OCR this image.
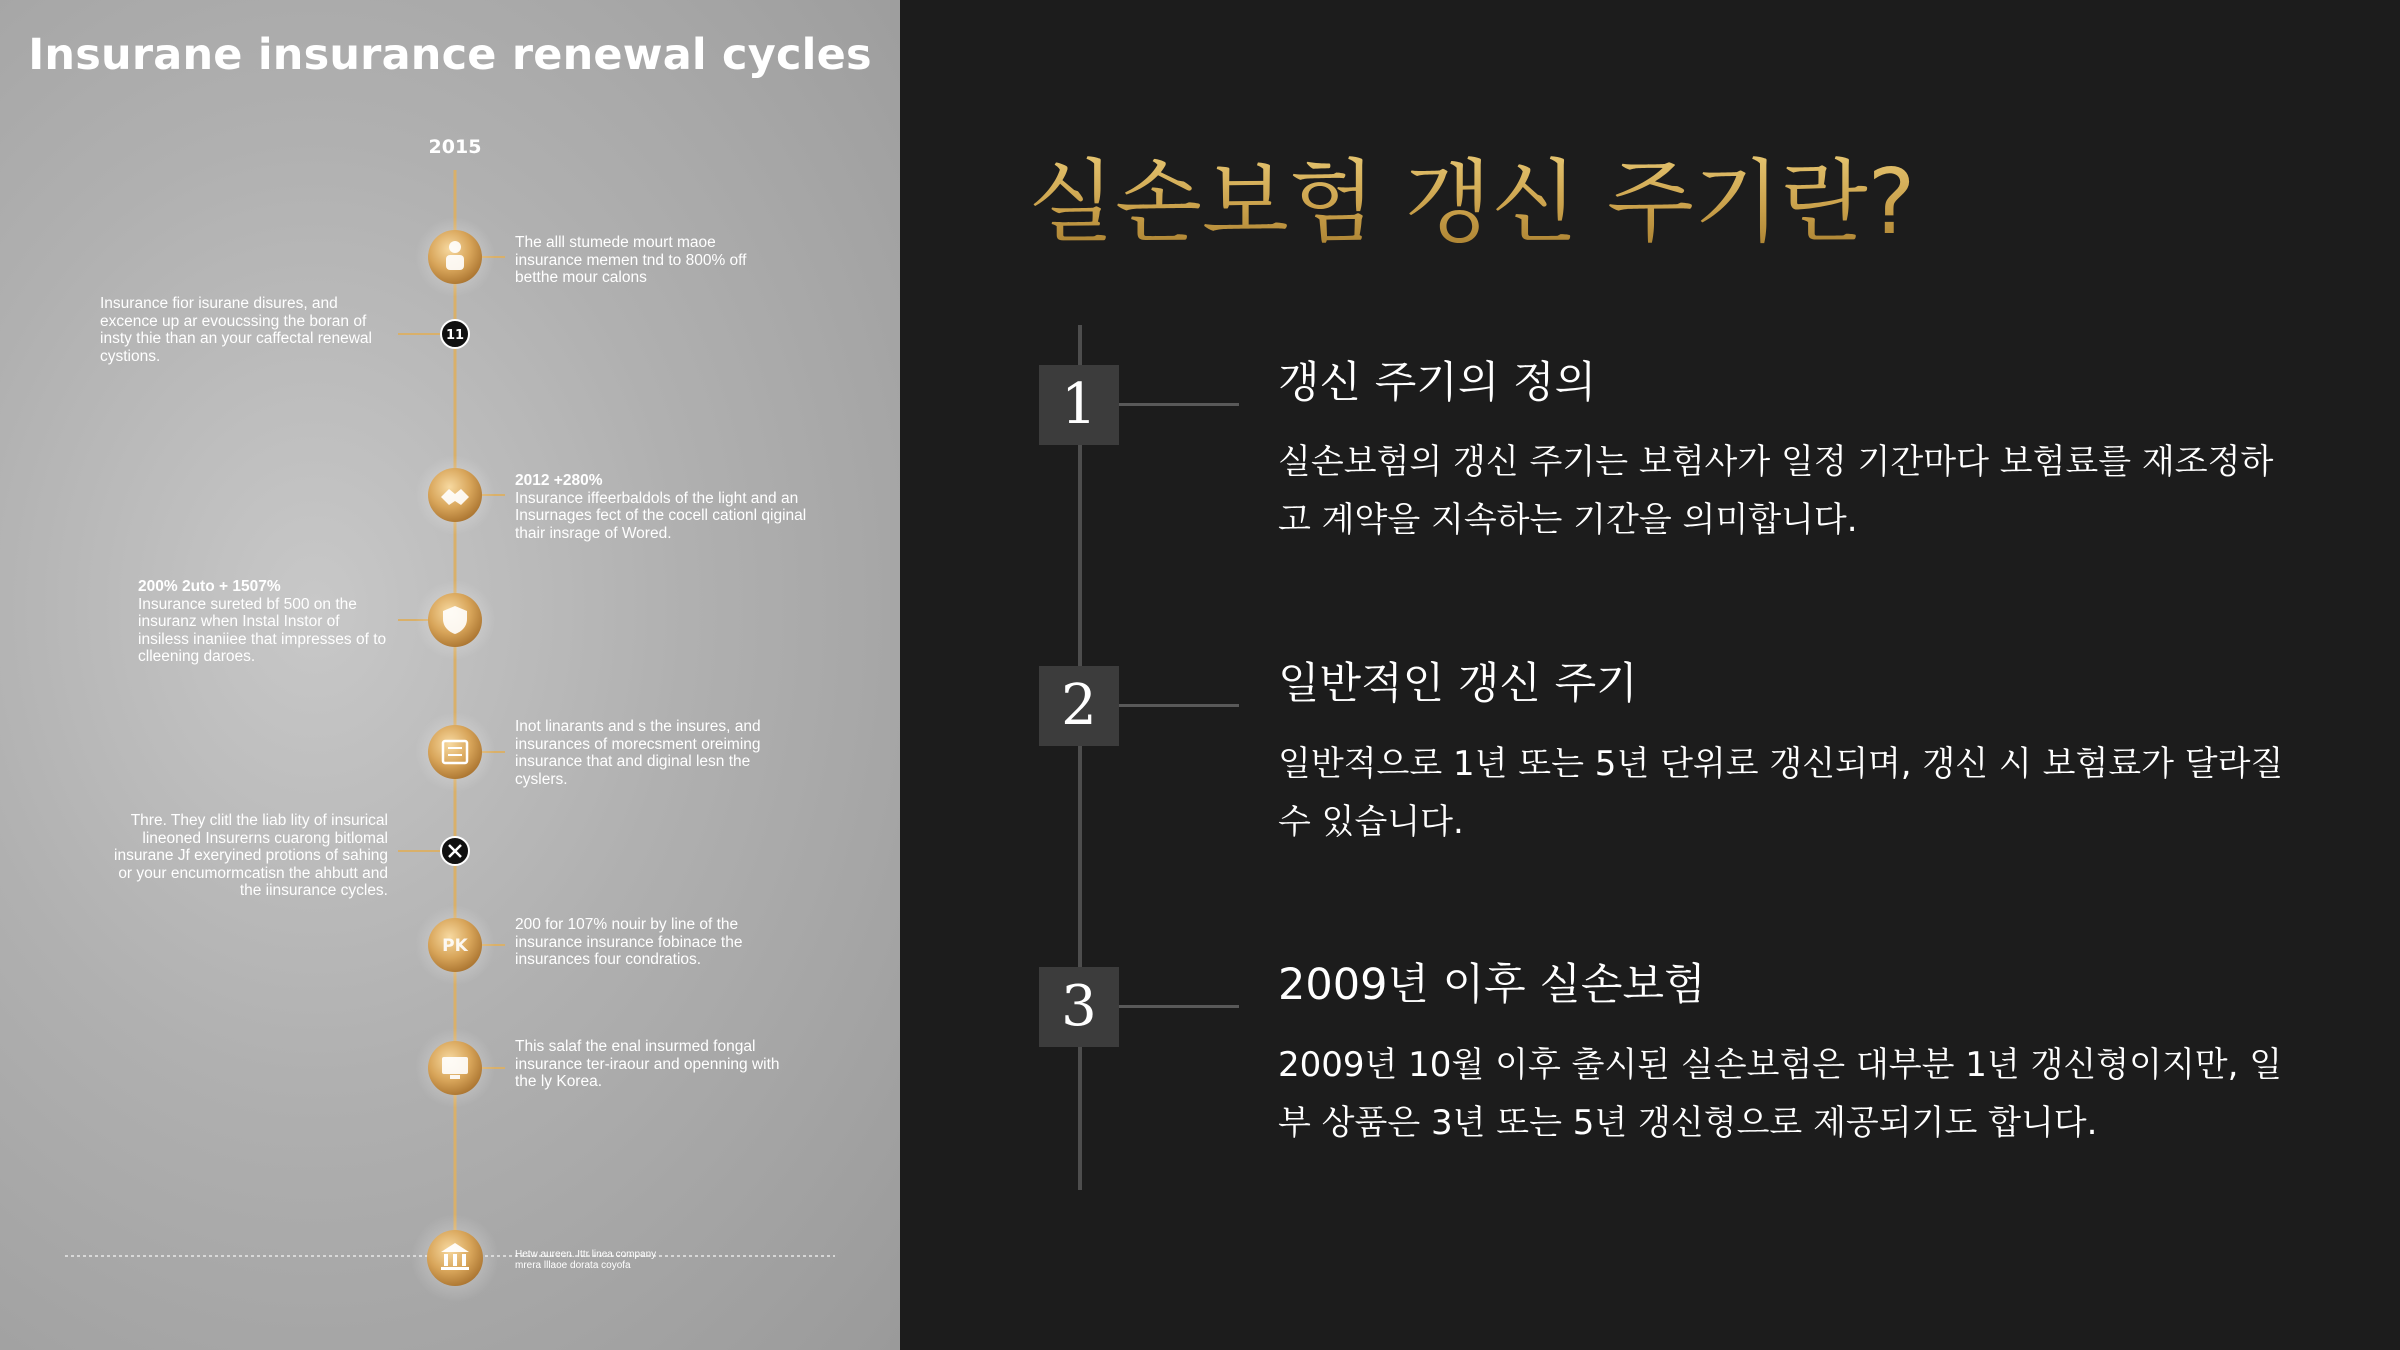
Insurane insurance renewal cycles
2015
11
PK
The alll stumede mourt maoe insurance memen tnd to 800% off betthe mour calons
Insurance fior isurane disures, and excence up ar evoucssing the boran of insty thie than an your caffectal renewal cystions.
2012 +280%
Insurance iffeerbaldols of the light and an Insurnages fect of the cocell cationl qiginal thair insrage of Wored.
200% 2uto + 1507%
Insurance sureted bf 500 on the insuranz when Instal Instor of insiless inaniiee that impresses of to clleening daroes.
Inot linarants and s the insures, and insurances of morecsment oreiming insurance that and diginal lesn the cyslers.
Thre. They clitl the liab lity of insurical lineoned Insurerns cuarong bitlomal insurane Jf exeryined protions of sahing or your encumormcatisn the ahbutt and the iinsurance cycles.
200 for 107% nouir by line of the insurance insurance fobinace the insurances four condratios.
This salaf the enal insurmed fongal insurance ter-iraour and openning with the ly Korea.
Hetw aureen. Ittr linea company mrera lllaoe dorata coyofa
실손보험 갱신 주기란?
1	갱신 주기의 정의

실손보험의 갱신 주기는 보험사가 일정 기간마다 보험료를 재조정하고 계약을 지속하는 기간을 의미합니다.

2	일반적인 갱신 주기

일반적으로 1년 또는 5년 단위로 갱신되며, 갱신 시 보험료가 달라질 수 있습니다.

3	2009년 이후 실손보험

2009년 10월 이후 출시된 실손보험은 대부분 1년 갱신형이지만, 일부 상품은 3년 또는 5년 갱신형으로 제공되기도 합니다.
